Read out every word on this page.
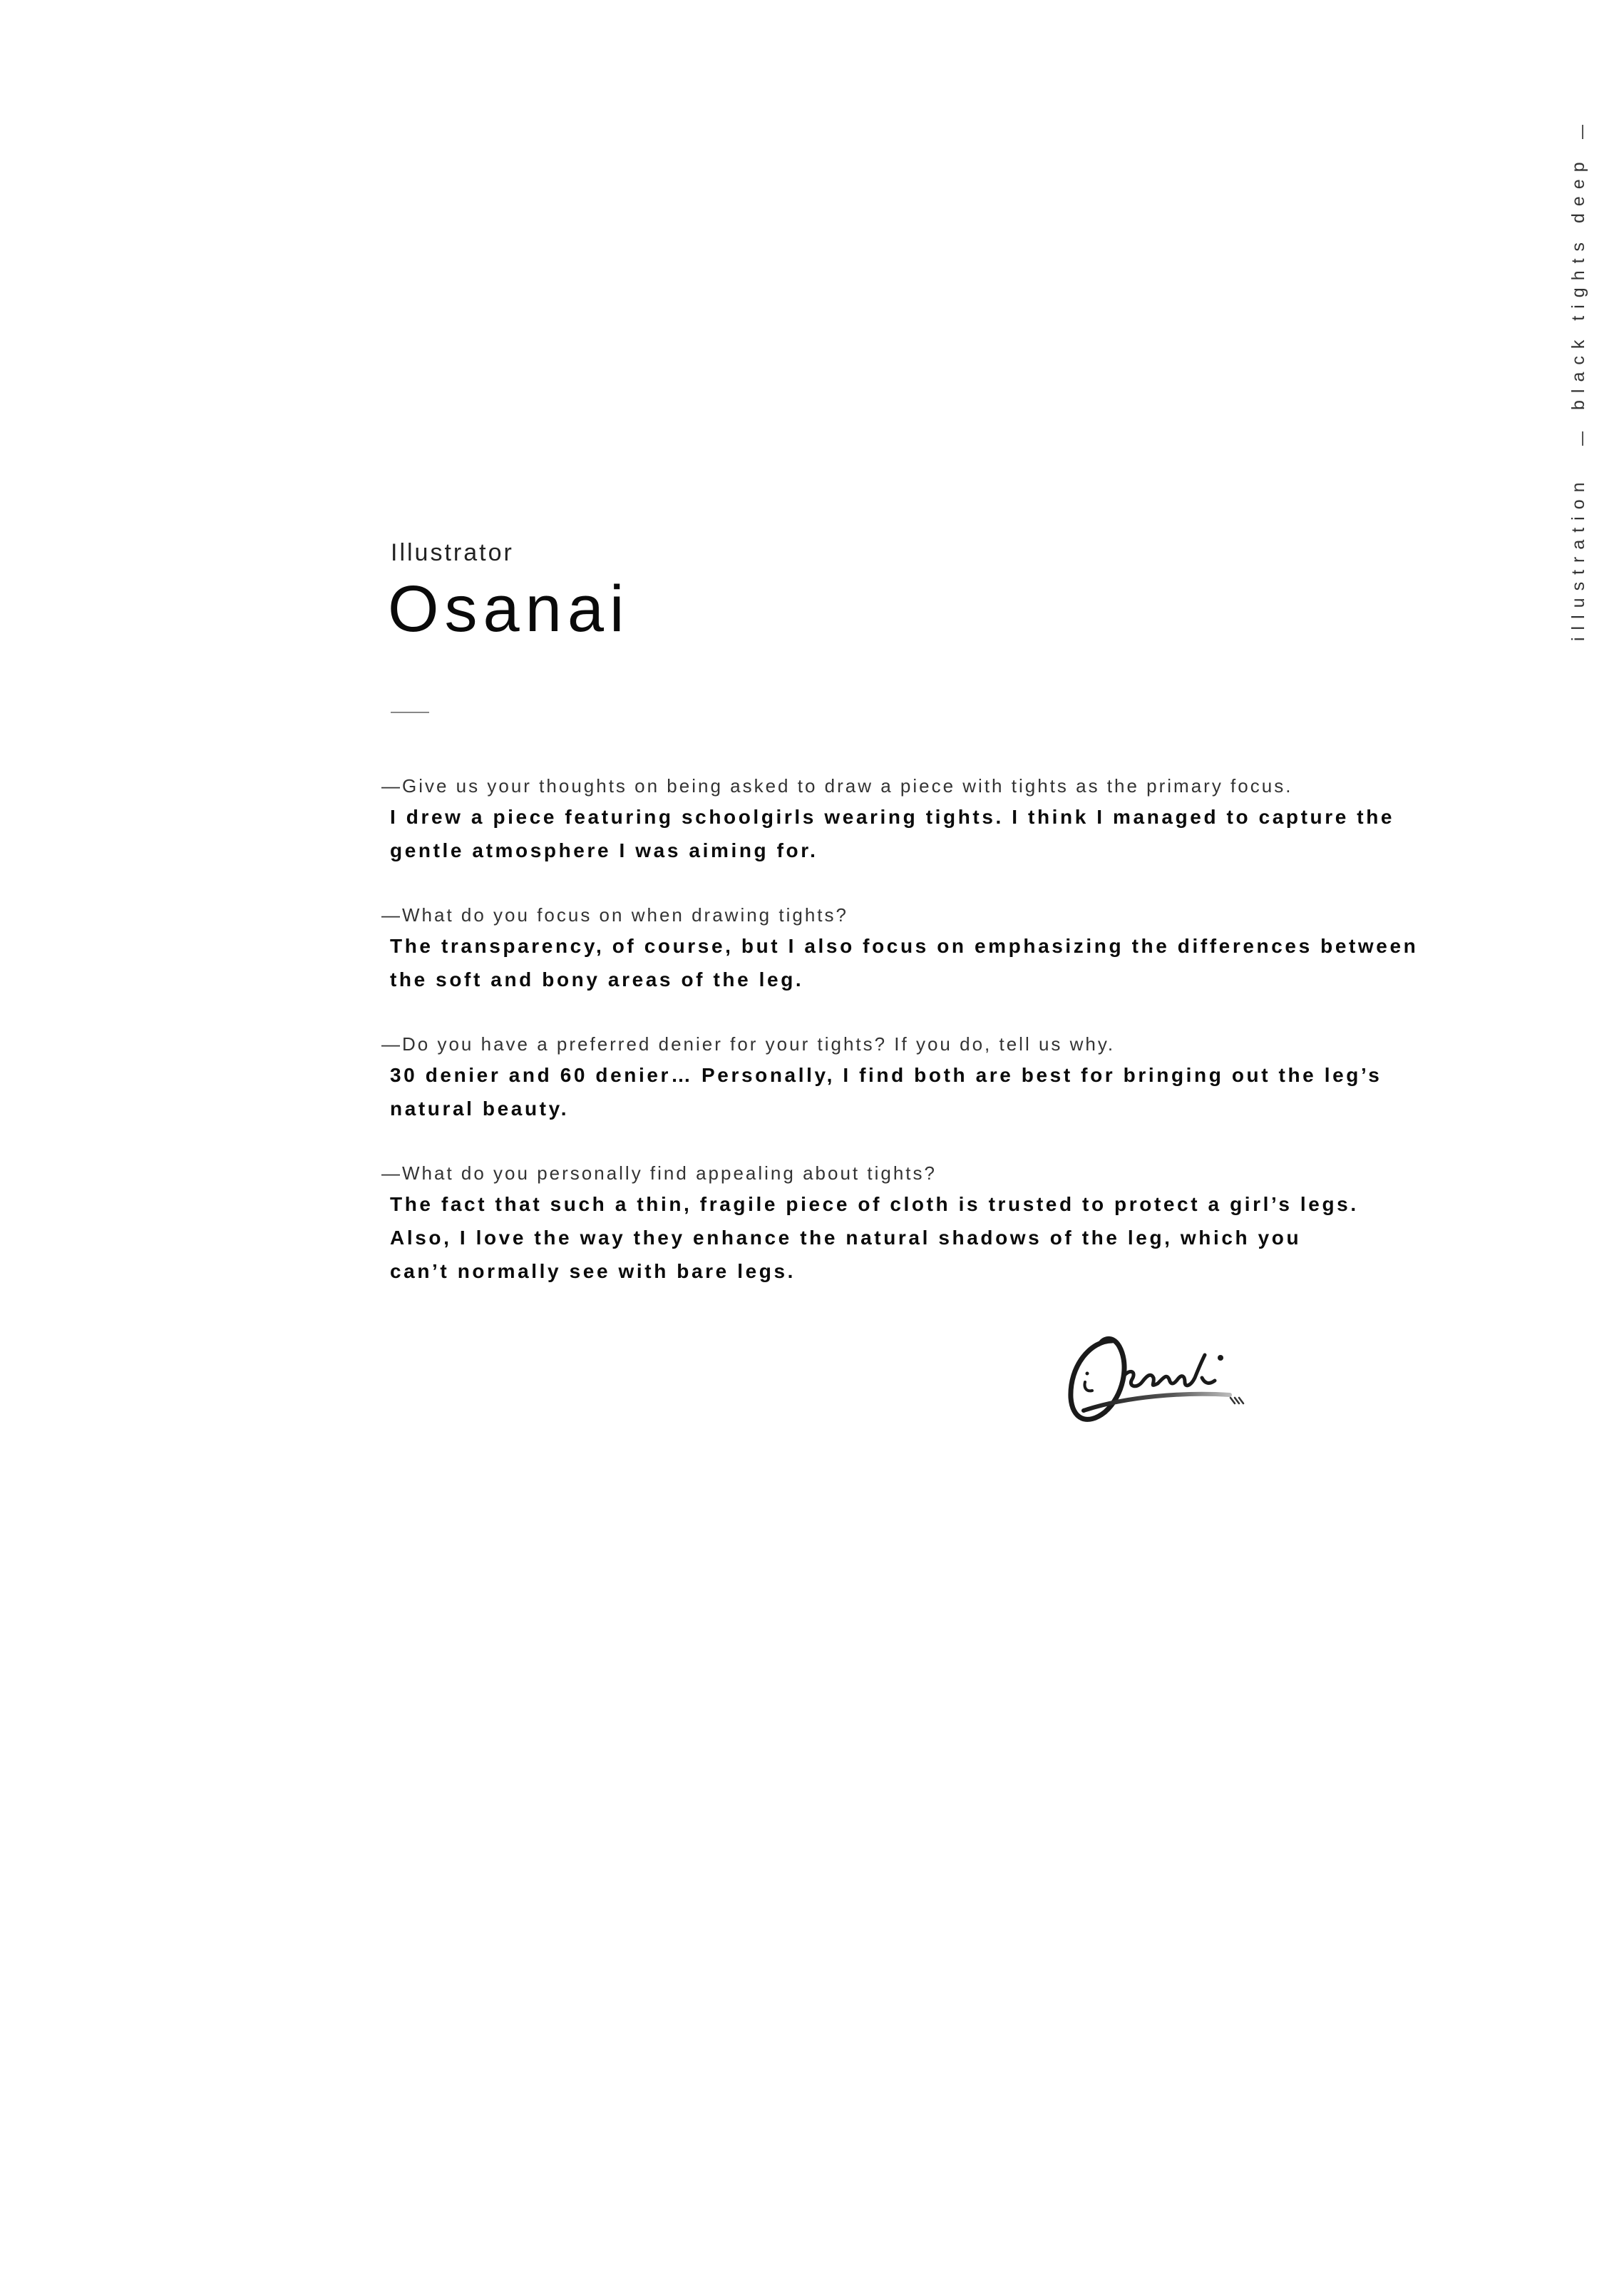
black tights deep
illustration
Illustrator
Osanai
—Give us your thoughts on being asked to draw a piece with tights as the primary focus.
I drew a piece featuring schoolgirls wearing tights. I think I managed to capture the
gentle atmosphere I was aiming for.
—What do you focus on when drawing tights?
The transparency, of course, but I also focus on emphasizing the differences between
the soft and bony areas of the leg.
—Do you have a preferred denier for your tights? If you do, tell us why.
30 denier and 60 denier… Personally, I find both are best for bringing out the leg’s
natural beauty.
—What do you personally find appealing about tights?
The fact that such a thin, fragile piece of cloth is trusted to protect a girl’s legs.
Also, I love the way they enhance the natural shadows of the leg, which you
can’t normally see with bare legs.
